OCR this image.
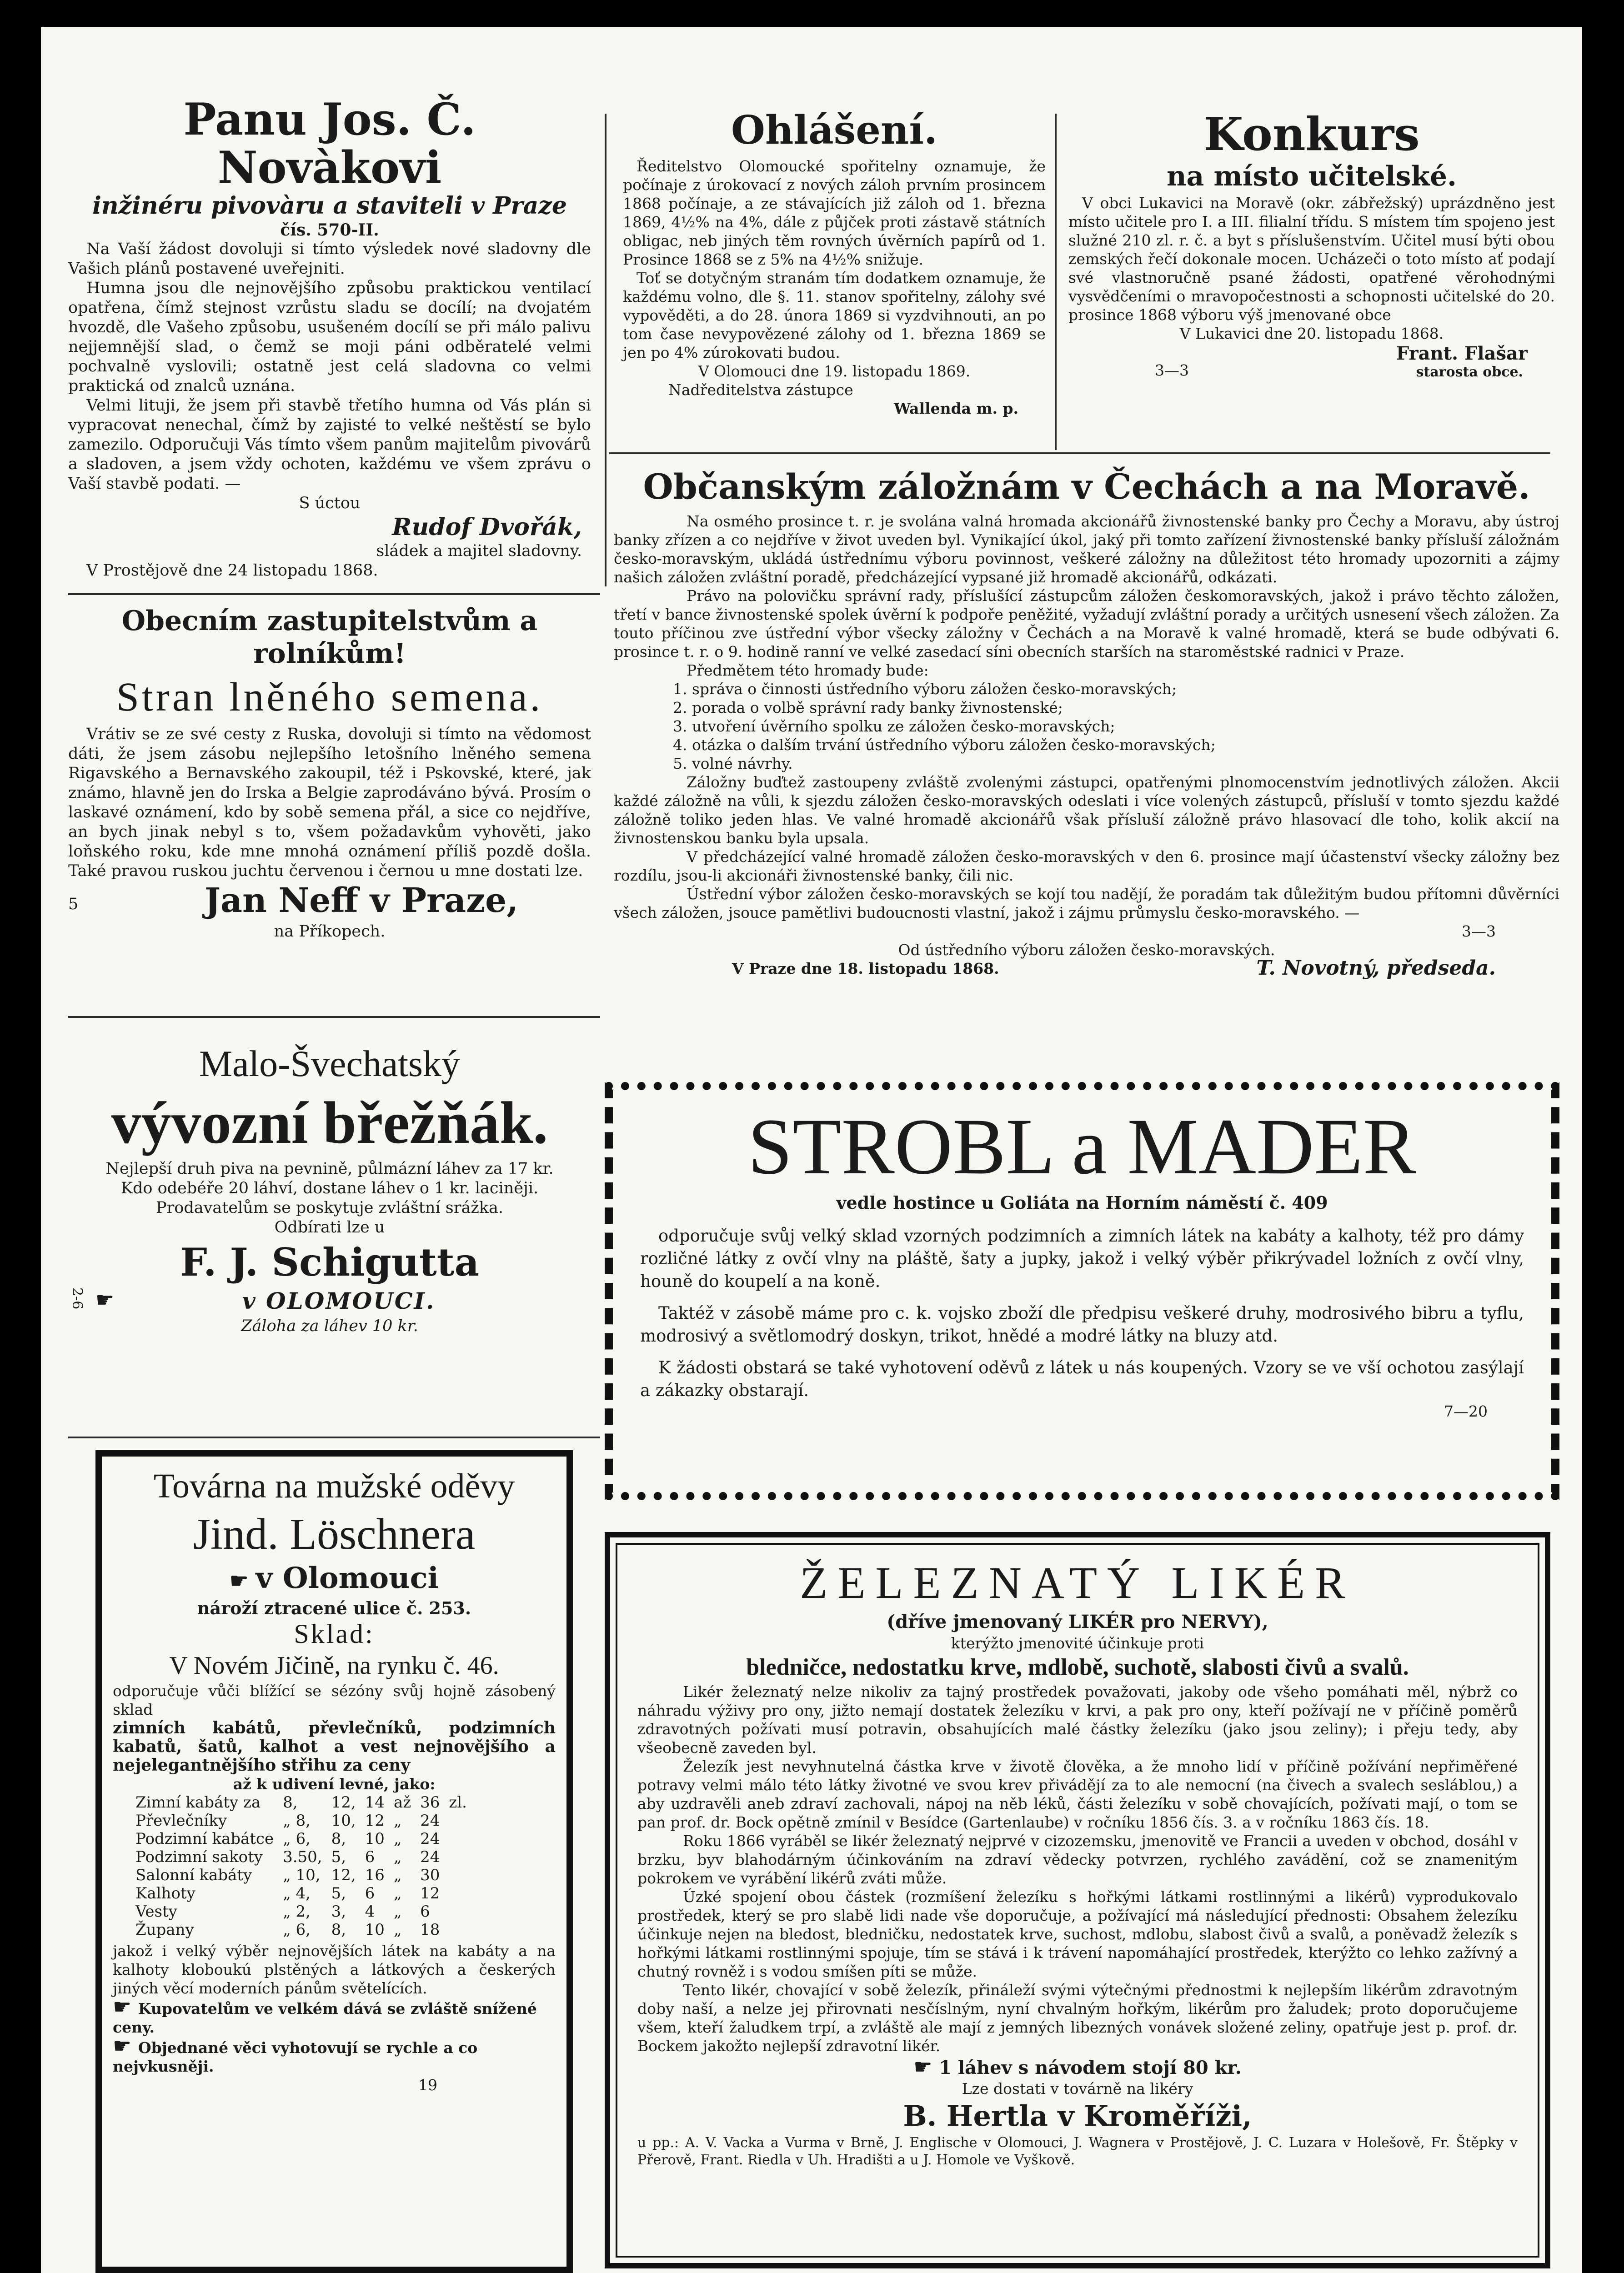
Panu Jos. Č. Novàkovi
inžinéru pivovàru a staviteli v Praze
čís. 570-II.

Na Vaší žádost dovoluji si tímto výsledek nové sladovny dle Vašich plánů postavené uveřejniti.

Humna jsou dle nejnovějšího způsobu praktickou ventilací opatřena, čímž stejnost vzrůstu sladu se docílí; na dvojatém hvozdě, dle Vašeho způsobu, usušeném docílí se při málo palivu nejjemnější slad, o čemž se moji páni odběratelé velmi pochvalně vyslovili; ostatně jest celá sladovna co velmi praktická od znalců uznána.

Velmi lituji, že jsem při stavbě třetího humna od Vás plán si vypracovat nenechal, čímž by zajisté to velké neštěstí se bylo zamezilo. Odporučuji Vás tímto všem panům majitelům pivovárů a sladoven, a jsem vždy ochoten, každému ve všem zprávu o Vaší stavbě podati. —

S úctou
Rudof Dvořák,
sládek a majitel sladovny.
V Prostějově dne 24 listopadu 1868.
Obecním zastupitelstvům a rolníkům!
Stran lněného semena.
Vrátiv se ze své cesty z Ruska, dovoluji si tímto na vědomost dáti, že jsem zásobu nejlepšího letošního lněného semena Rigavského a Bernavského zakoupil, též i Pskovské, které, jak známo, hlavně jen do Irska a Belgie zaprodáváno bývá. Prosím o laskavé oznámení, kdo by sobě semena přál, a sice co nejdříve, an bych jinak nebyl s to, všem požadavkům vyhověti, jako loňského roku, kde mne mnohá oznámení příliš pozdě došla. Také pravou ruskou juchtu červenou i černou u mne dostati lze.
5	Jan Neff v Praze,
na Příkopech.
Malo-Švechatský
vývozní břežňák.
Nejlepší druh piva na pevnině, půlmázní láhev za 17 kr.
Kdo odebéře 20 láhví, dostane láhev o 1 kr. laciněji.
Prodavatelům se poskytuje zvláštní srážka.
Odbírati lze u
F. J. Schigutta
2-6 ☛	v OLOMOUCI.
Záloha za láhev 10 kr.
Továrna na mužské oděvy
Jind. Löschnera
☛ v Olomouci
nároží ztracené ulice č. 253.
Sklad:
V Novém Jičině, na rynku č. 46.
odporučuje vůči blížící se sézóny svůj hojně zásobený sklad
zimních kabátů, převlečníků, podzimních kabatů, šatů, kalhot a vest nejnovějšího a nejelegantnějšího střihu za ceny
až k udivení levné, jako:
Zimní kabáty za	8,	12,	14	až	36	zl.
Převlečníky	„ 8,	10,	12	„	24	
Podzimní kabátce	„ 6,	8,	10	„	24	
Podzimní sakoty	3.50,	5,	6	„	24	
Salonní kabáty	„ 10,	12,	16	„	30	
Kalhoty	„ 4,	5,	6	„	12	
Vesty	„ 2,	3,	4	„	6	
Župany	„ 6,	8,	10	„	18	
jakož i velký výběr nejnovějších látek na kabáty a na kalhoty kloboukú plstěných a látkových a českerých jiných věcí moderních pánům světelících.
☛ Kupovatelům ve velkém dává se zvláště snížené ceny.
☛ Objednané věci vyhotovují se rychle a co nejvkusněji.
19
Ohlášení.
Ředitelstvo Olomoucké spořitelny oznamuje, že počínaje z úrokovací z nových záloh prvním prosincem 1868 počínaje, a ze stávajících již záloh od 1. března 1869, 4½% na 4%, dále z půjček proti zástavě státních obligac, neb jiných těm rovných úvěrních papírů od 1. Prosince 1868 se z 5% na 4½% snižuje.
Toť se dotyčným stranám tím dodatkem oznamuje, že každému volno, dle §. 11. stanov spořitelny, zálohy své vypověděti, a do 28. února 1869 si vyzdvihnouti, an po tom čase nevypovězené zálohy od 1. března 1869 se jen po 4% zúrokovati budou.
V Olomouci dne 19. listopadu 1869.
Nadředitelstva zástupce
Wallenda m. p.
Konkurs
na místo učitelské.
V obci Lukavici na Moravě (okr. zábřežský) uprázdněno jest místo učitele pro I. a III. filialní třídu. S místem tím spojeno jest služné 210 zl. r. č. a byt s příslušenstvím. Učitel musí býti obou zemských řečí dokonale mocen. Ucházeči o toto místo ať podají své vlastnoručně psané žádosti, opatřené věrohodnými vysvědčeními o mravopočestnosti a schopnosti učitelské do 20. prosince 1868 výboru výš jmenované obce
V Lukavici dne 20. listopadu 1868.
3—3
Frant. Flašar
starosta obce.
Občanským záložnám v Čechách a na Moravě.
Na osmého prosince t. r. je svolána valná hromada akcionářů živnostenské banky pro Čechy a Moravu, aby ústroj banky zřízen a co nejdříve v život uveden byl. Vynikající úkol, jaký při tomto zařízení živnostenské banky přísluší záložnám česko-moravským, ukládá ústřednímu výboru povinnost, veškeré záložny na důležitost této hromady upozorniti a zájmy našich záložen zvláštní poradě, předcházející vypsané již hromadě akcionářů, odkázati.
Právo na polovičku správní rady, příslušící zástupcům záložen českomoravských, jakož i právo těchto záložen, třetí v bance živnostenské spolek úvěrní k podpoře peněžité, vyžadují zvláštní porady a určitých usnesení všech záložen. Za touto příčinou zve ústřední výbor všecky záložny v Čechách a na Moravě k valné hromadě, která se bude odbývati 6. prosince t. r. o 9. hodině ranní ve velké zasedací síni obecních starších na staroměstské radnici v Praze.
Předmětem této hromady bude:
1. správa o činnosti ústředního výboru záložen česko-moravských;
2. porada o volbě správní rady banky živnostenské;
3. utvoření úvěrního spolku ze záložen česko-moravských;
4. otázka o dalším trvání ústředního výboru záložen česko-moravských;
5. volné návrhy.
Záložny buďtež zastoupeny zvláště zvolenými zástupci, opatřenými plnomocenstvím jednotlivých záložen. Akcii každé záložně na vůli, k sjezdu záložen česko-moravských odeslati i více volených zástupců, přísluší v tomto sjezdu každé záložně toliko jeden hlas. Ve valné hromadě akcionářů však přísluší záložně právo hlasovací dle toho, kolik akcií na živnostenskou banku byla upsala.
V předcházející valné hromadě záložen česko-moravských v den 6. prosince mají účastenství všecky záložny bez rozdílu, jsou-li akcionáři živnostenské banky, čili nic.
Ústřední výbor záložen česko-moravských se kojí tou nadějí, že poradám tak důležitým budou přítomni důvěrníci všech záložen, jsouce pamětlivi budoucnosti vlastní, jakož i zájmu průmyslu česko-moravského. —
3—3
Od ústředního výboru záložen česko-moravských.
V Praze dne 18. listopadu 1868.	T. Novotný, předseda.
STROBL a MADER
vedle hostince u Goliáta na Horním náměstí č. 409
odporučuje svůj velký sklad vzorných podzimních a zimních látek na kabáty a kalhoty, též pro dámy rozličné látky z ovčí vlny na pláště, šaty a jupky, jakož i velký výběr přikrývadel ložních z ovčí vlny, houně do koupelí a na koně.
Taktéž v zásobě máme pro c. k. vojsko zboží dle předpisu veškeré druhy, modrosivého bibru a tyflu, modrosivý a světlomodrý doskyn, trikot, hnědé a modré látky na bluzy atd.
K žádosti obstará se také vyhotovení oděvů z látek u nás koupených. Vzory se ve vší ochotou zasýlají a zákazky obstarají.
7—20
ŽELEZNATÝ LIKÉR
(dříve jmenovaný LIKÉR pro NERVY),
kterýžto jmenovité účinkuje proti
bledničce, nedostatku krve, mdlobě, suchotě, slabosti čivů a svalů.
Likér železnatý nelze nikoliv za tajný prostředek považovati, jakoby ode všeho pomáhati měl, nýbrž co náhradu výživy pro ony, jižto nemají dostatek železíku v krvi, a pak pro ony, kteří požívají ne v příčině poměrů zdravotných požívati musí potravin, obsahujících malé částky železíku (jako jsou zeliny); i přeju tedy, aby všeobecně zaveden byl.
Železík jest nevyhnutelná částka krve v životě člověka, a že mnoho lidí v příčině požívání nepřiměřené potravy velmi málo této látky životné ve svou krev přivádějí za to ale nemocní (na čivech a svalech sesláblou,) a aby uzdravěli aneb zdraví zachovali, nápoj na něb léků, části železíku v sobě chovajících, požívati mají, o tom se pan prof. dr. Bock opětně zmínil v Besídce (Gartenlaube) v ročníku 1856 čís. 3. a v ročníku 1863 čís. 18.
Roku 1866 vyráběl se likér železnatý nejprvé v cizozemsku, jmenovitě ve Francii a uveden v obchod, dosáhl v brzku, byv blahodárným účinkováním na zdraví vědecky potvrzen, rychlého zavádění, což se znamenitým pokrokem ve vyrábění likérů zváti může.
Úzké spojení obou částek (rozmíšení železíku s hořkými látkami rostlinnými a likérů) vyprodukovalo prostředek, který se pro slabě lidi nade vše doporučuje, a požívající má následující přednosti: Obsahem železíku účinkuje nejen na bledost, bledničku, nedostatek krve, suchost, mdlobu, slabost čivů a svalů, a poněvadž železík s hořkými látkami rostlinnými spojuje, tím se stává i k trávení napomáhající prostředek, kterýžto co lehko zažívný a chutný rovněž i s vodou smíšen píti se může.
Tento likér, chovající v sobě železík, přináleží svými výtečnými přednostmi k nejlepším likérům zdravotným doby naší, a nelze jej přirovnati nesčíslným, nyní chvalným hořkým, likérům pro žaludek; proto doporučujeme všem, kteří žaludkem trpí, a zvláště ale mají z jemných libezných vonávek složené zeliny, opatřuje jest p. prof. dr. Bockem jakožto nejlepší zdravotní likér.
☛ 1 láhev s návodem stojí 80 kr.
Lze dostati v továrně na likéry
B. Hertla v Kroměříži,
u pp.: A. V. Vacka a Vurma v Brně, J. Englische v Olomouci, J. Wagnera v Prostějově, J. C. Luzara v Holešově, Fr. Štěpky v Přerově, Frant. Riedla v Uh. Hradišti a u J. Homole ve Vyškově.
